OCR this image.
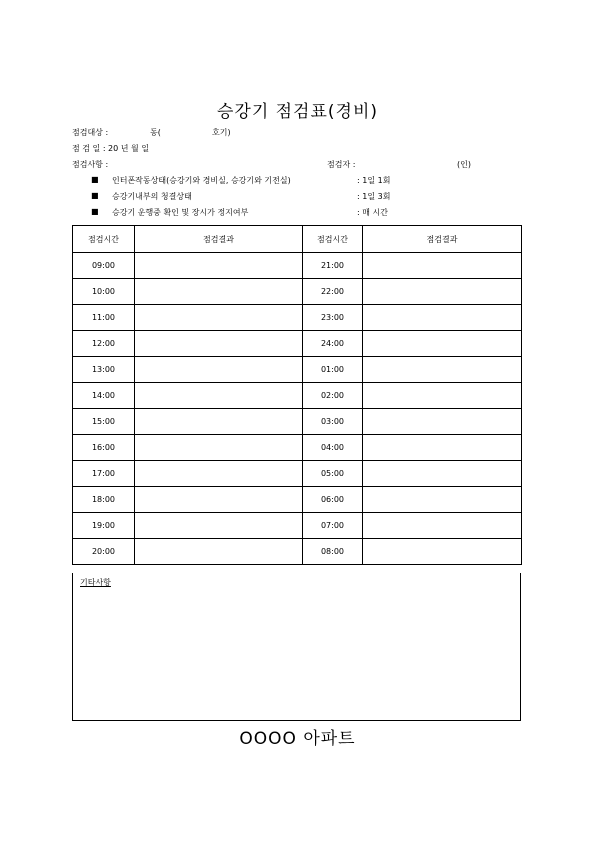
승강기 점검표(경비)
점검대상 :	동(	호기)
점 검 일 : 20 년 월 일
점검사항 :	점검자 :	(인)
■ 인터폰작동상태(승강기와 경비실, 승강기와 기전실)	: 1일 1회
■ 승강기내부의 청결상태	: 1일 3회
■ 승강기 운행중 확인 및 장시가 정지여부	: 매 시간
점검시간	점검결과	점검시간	점검결과
09:00		21:00	
10:00		22:00	
11:00		23:00	
12:00		24:00	
13:00		01:00	
14:00		02:00	
15:00		03:00	
16:00		04:00	
17:00		05:00	
18:00		06:00	
19:00		07:00	
20:00		08:00	
기타사항
OOOO 아파트
